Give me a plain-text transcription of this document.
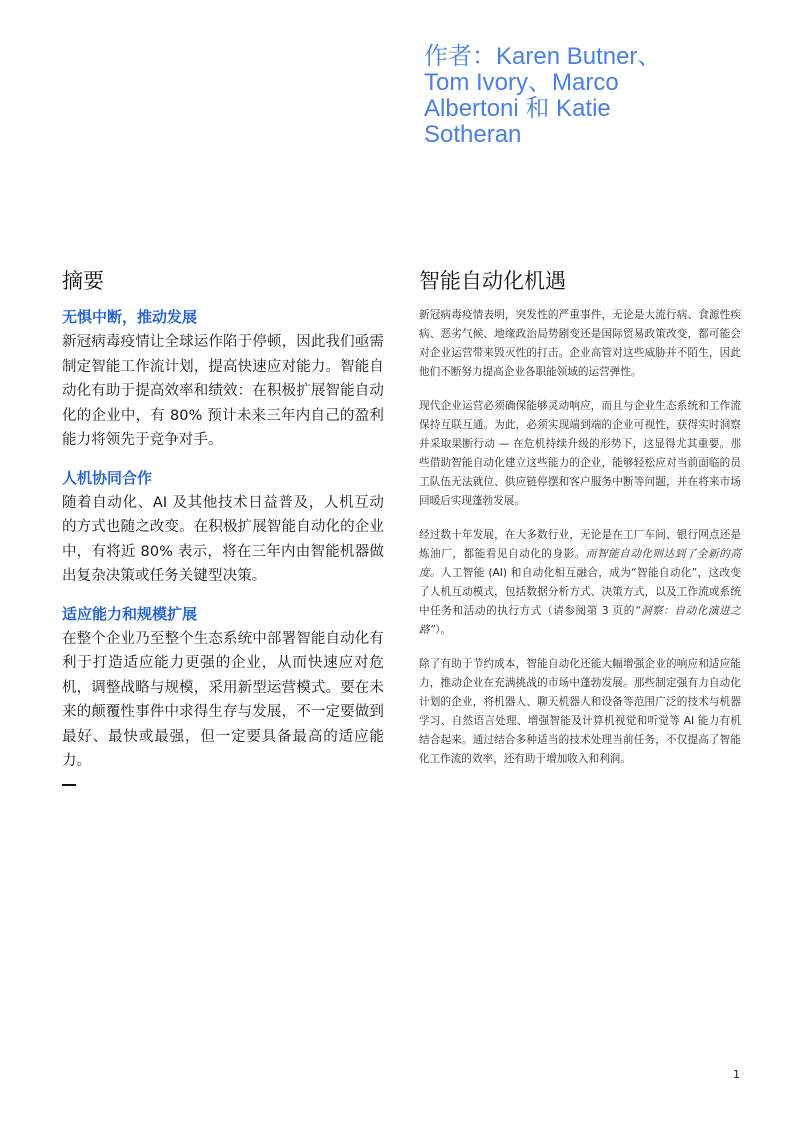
作者：Karen Butner、
Tom Ivory、Marco
Albertoni 和 Katie
Sotheran
摘要
无惧中断，推动发展

新冠病毒疫情让全球运作陷于停顿，因此我们亟需制定智能工作流计划，提高快速应对能力。智能自动化有助于提高效率和绩效：在积极扩展智能自动化的企业中，有 80% 预计未来三年内自己的盈利能力将领先于竞争对手。

人机协同合作

随着自动化、AI 及其他技术日益普及，人机互动的方式也随之改变。在积极扩展智能自动化的企业中，有将近 80% 表示，将在三年内由智能机器做出复杂决策或任务关键型决策。

适应能力和规模扩展

在整个企业乃至整个生态系统中部署智能自动化有利于打造适应能力更强的企业，从而快速应对危机，调整战略与规模，采用新型运营模式。要在未来的颠覆性事件中求得生存与发展，不一定要做到最好、最快或最强，但一定要具备最高的适应能力。

智能自动化机遇

新冠病毒疫情表明，突发性的严重事件，无论是大流行病、食源性疾病、恶劣气候、地缘政治局势剧变还是国际贸易政策改变，都可能会对企业运营带来毁灭性的打击。企业高管对这些威胁并不陌生，因此他们不断努力提高企业各职能领域的运营弹性。

现代企业运营必须确保能够灵动响应，而且与企业生态系统和工作流保持互联互通。为此，必须实现端到端的企业可视性，获得实时洞察并采取果断行动 — 在危机持续升级的形势下，这显得尤其重要。那些借助智能自动化建立这些能力的企业，能够轻松应对当前面临的员工队伍无法就位、供应链停摆和客户服务中断等问题，并在将来市场回暖后实现蓬勃发展。

经过数十年发展，在大多数行业，无论是在工厂车间、银行网点还是炼油厂，都能看见自动化的身影。而智能自动化则达到了全新的高度。人工智能 (AI) 和自动化相互融合，成为“智能自动化”，这改变了人机互动模式，包括数据分析方式、决策方式，以及工作流或系统中任务和活动的执行方式（请参阅第 3 页的“洞察：自动化演进之路”）。

除了有助于节约成本，智能自动化还能大幅增强企业的响应和适应能力，推动企业在充满挑战的市场中蓬勃发展。那些制定强有力自动化计划的企业，将机器人、聊天机器人和设备等范围广泛的技术与机器学习、自然语言处理、增强智能及计算机视觉和听觉等 AI 能力有机结合起来。通过结合多种适当的技术处理当前任务，不仅提高了智能化工作流的效率，还有助于增加收入和利润。

1
